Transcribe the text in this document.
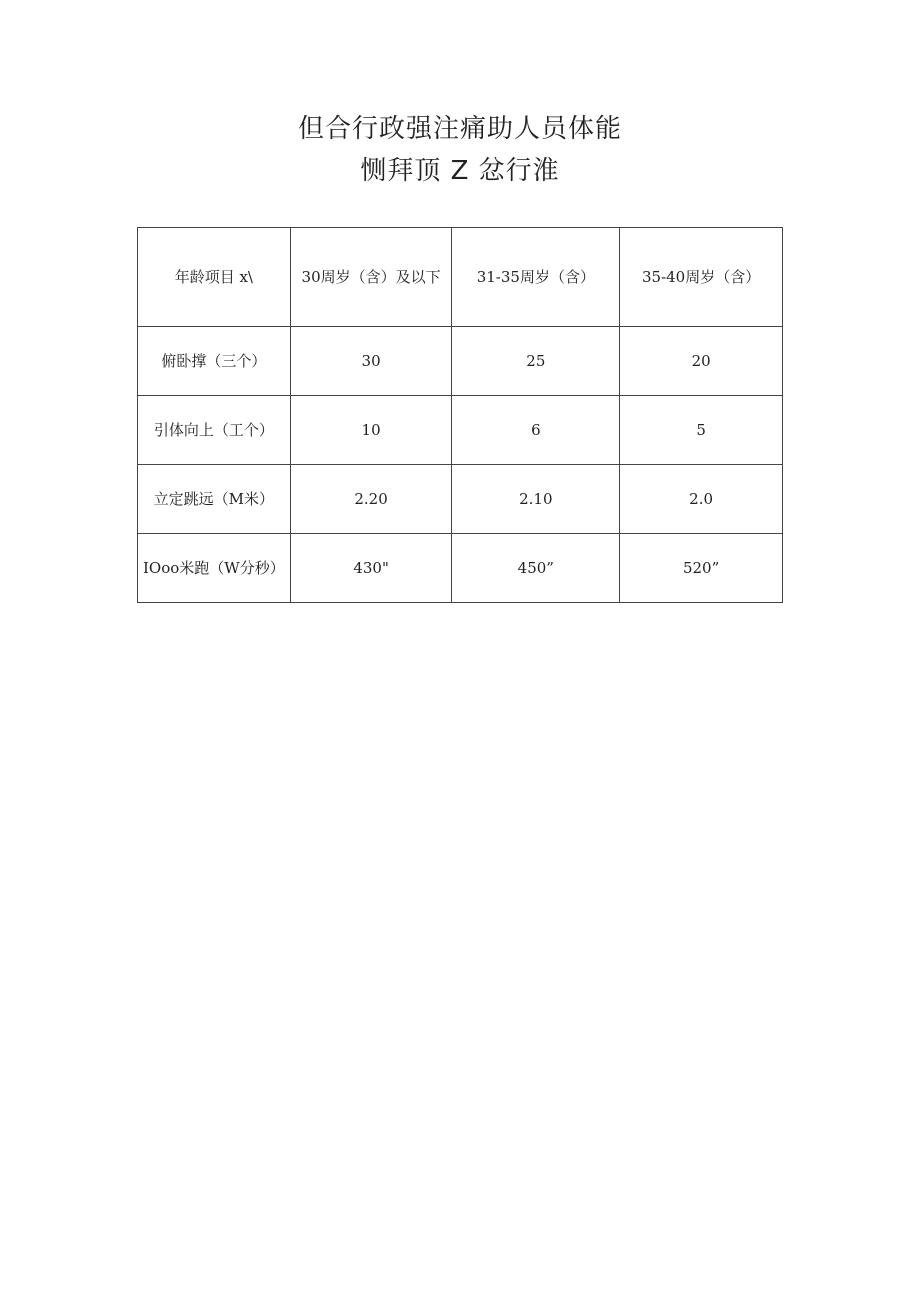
但合行政强注痛助人员体能
恻拜顶 Z 忿行淮
年龄项目 x\	30周岁（含）及以下	31-35周岁（含）	35-40周岁（含）
俯卧撑（三个）	30	25	20
引体向上（工个）	10	6	5
立定跳远（M米）	2.20	2.10	2.0
IOoo米跑（W分秒）	430"	450”	520”
